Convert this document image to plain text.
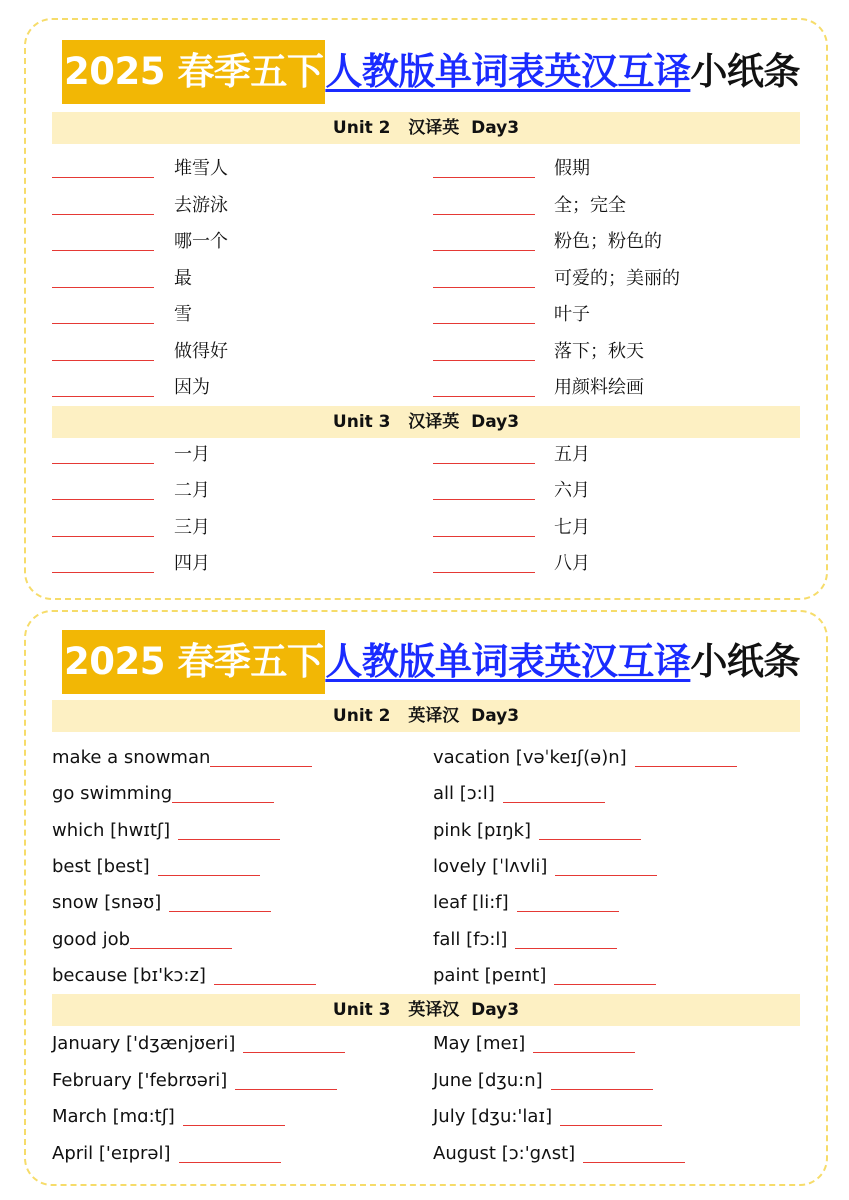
2025 春季五下人教版单词表英汉互译小纸条
Unit 2   汉译英  Day3
堆雪人	假期
去游泳	全；完全
哪一个	粉色；粉色的
最	可爱的；美丽的
雪	叶子
做得好	落下；秋天
因为	用颜料绘画
Unit 3   汉译英  Day3
一月	五月
二月	六月
三月	七月
四月	八月
2025 春季五下人教版单词表英汉互译小纸条
Unit 2   英译汉  Day3
make a snowman	vacation [vəˈkeɪʃ(ə)n]
go swimming	all [ɔ:l]
which [hwɪtʃ]	pink [pɪŋk]
best [best]	lovely [ˈlʌvli]
snow [snəʊ]	leaf [li:f]
good job	fall [fɔ:l]
because [bɪ'kɔ:z]	paint [peɪnt]
Unit 3   英译汉  Day3
January ['dʒænjʊeri]	May [meɪ]
February ['febrʊəri]	June [dʒu:n]
March [mɑ:tʃ]	July [dʒu:'laɪ]
April ['eɪprəl]	August [ɔ:'gʌst]
